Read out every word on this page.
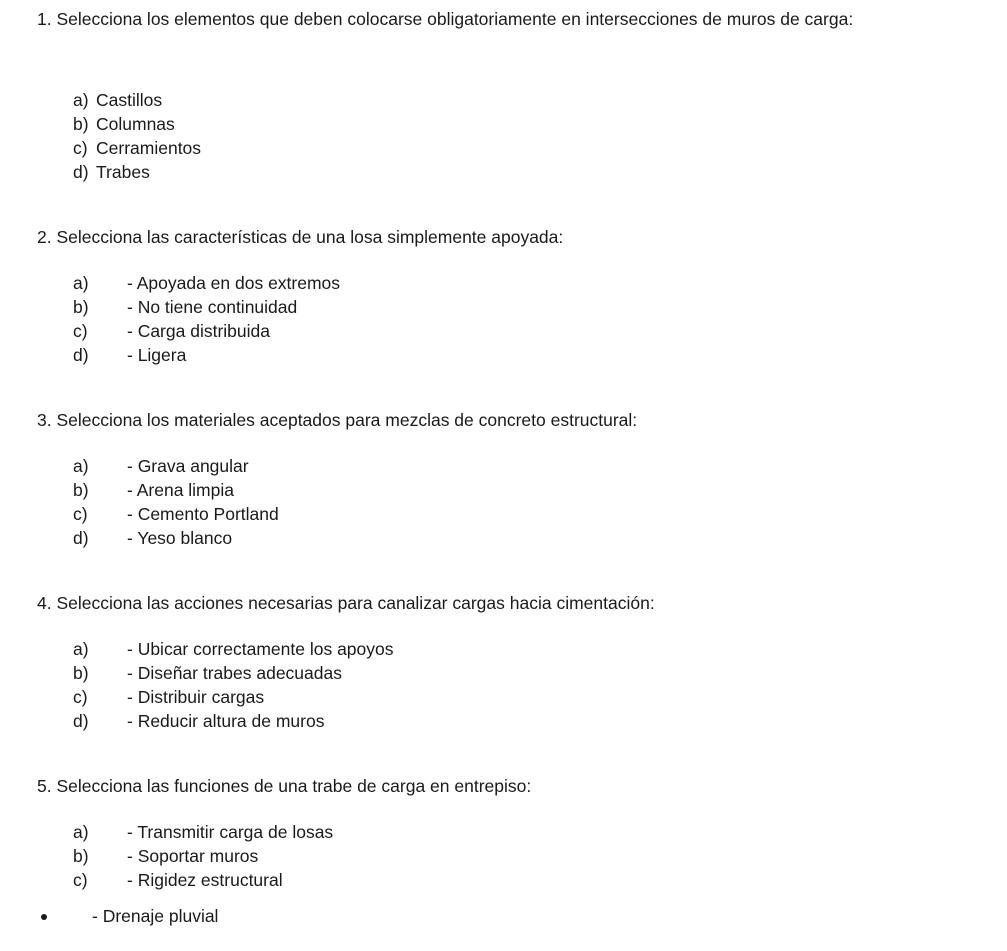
1. Selecciona los elementos que deben colocarse obligatoriamente en intersecciones de muros de carga:

a) Castillos
b) Columnas
c) Cerramientos
d) Trabes

2. Selecciona las características de una losa simplemente apoyada:

a) - Apoyada en dos extremos
b) - No tiene continuidad
c) - Carga distribuida
d) - Ligera

3. Selecciona los materiales aceptados para mezclas de concreto estructural:

a) - Grava angular
b) - Arena limpia
c) - Cemento Portland
d) - Yeso blanco

4. Selecciona las acciones necesarias para canalizar cargas hacia cimentación:

a) - Ubicar correctamente los apoyos
b) - Diseñar trabes adecuadas
c) - Distribuir cargas
d) - Reducir altura de muros

5. Selecciona las funciones de una trabe de carga en entrepiso:

a) - Transmitir carga de losas
b) - Soportar muros
c) - Rigidez estructural
- Drenaje pluvial
